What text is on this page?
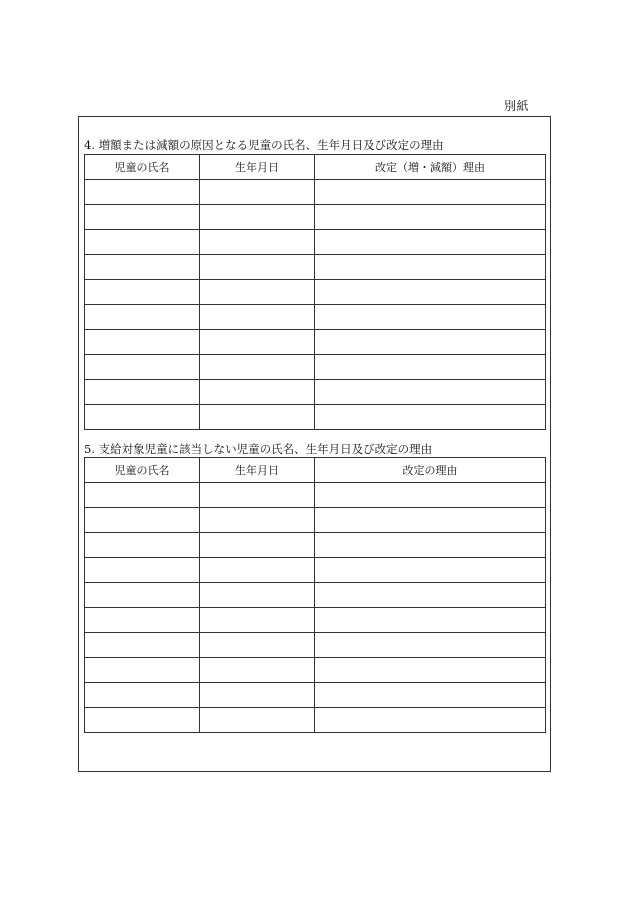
別紙
4. 増額または減額の原因となる児童の氏名、生年月日及び改定の理由
児童の氏名	生年月日	改定（増・減額）理由

5. 支給対象児童に該当しない児童の氏名、生年月日及び改定の理由
児童の氏名	生年月日	改定の理由
